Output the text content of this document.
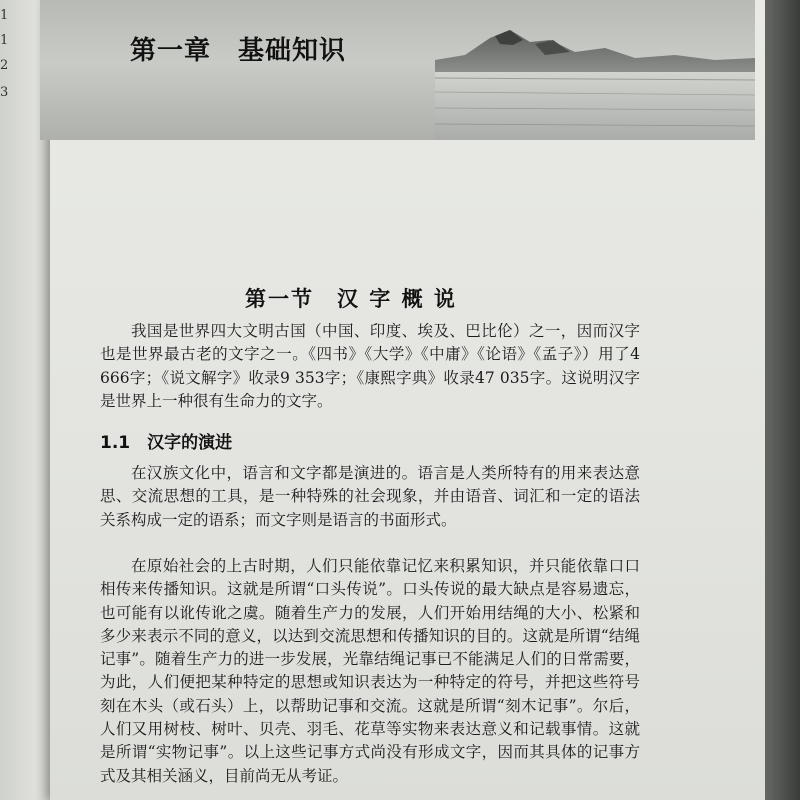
1
1
2
3
第一章　基础知识
第一节　汉 字 概 说

我国是世界四大文明古国（中国、印度、埃及、巴比伦）之一，因而汉字也是世界最古老的文字之一。《四书》《大学》《中庸》《论语》《孟子》）用了4 666字；《说文解字》收录9 353字；《康熙字典》收录47 035字。这说明汉字是世界上一种很有生命力的文字。

1.1　 汉字的演进

在汉族文化中，语言和文字都是演进的。语言是人类所特有的用来表达意思、交流思想的工具，是一种特殊的社会现象，并由语音、词汇和一定的语法关系构成一定的语系；而文字则是语言的书面形式。

在原始社会的上古时期，人们只能依靠记忆来积累知识，并只能依靠口口相传来传播知识。这就是所谓“口头传说”。口头传说的最大缺点是容易遗忘，也可能有以讹传讹之虞。随着生产力的发展，人们开始用结绳的大小、松紧和多少来表示不同的意义，以达到交流思想和传播知识的目的。这就是所谓“结绳记事”。随着生产力的进一步发展，光靠结绳记事已不能满足人们的日常需要，为此，人们便把某种特定的思想或知识表达为一种特定的符号，并把这些符号刻在木头（或石头）上，以帮助记事和交流。这就是所谓“刻木记事”。尔后，人们又用树枝、树叶、贝壳、羽毛、花草等实物来表达意义和记载事情。这就是所谓“实物记事”。以上这些记事方式尚没有形成文字，因而其具体的记事方式及其相关涵义，目前尚无从考证。
